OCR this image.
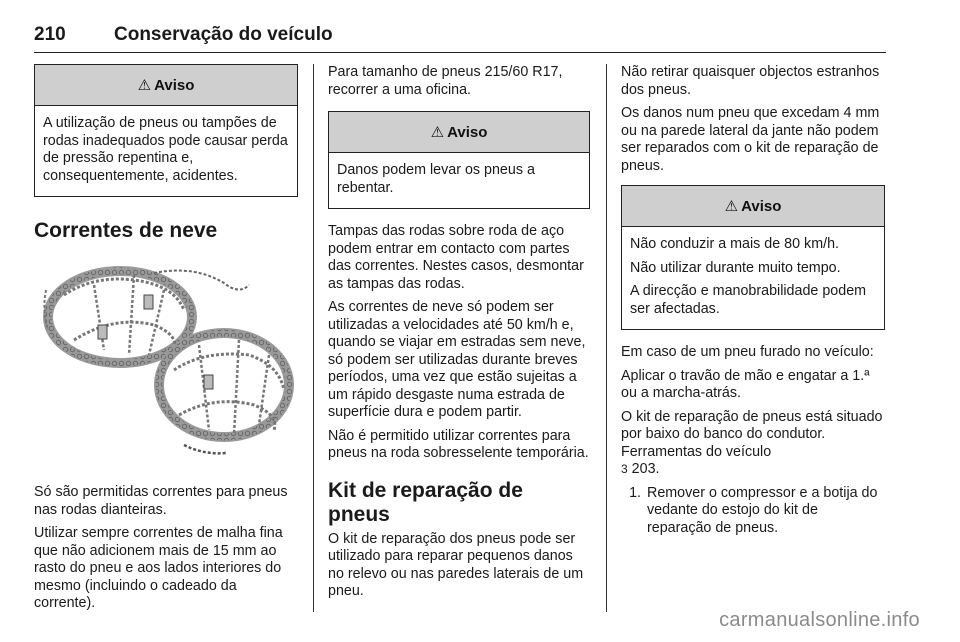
210	Conservação do veículo
⚠ Aviso

A utilização de pneus ou tampões de rodas inadequados pode causar perda de pressão repentina e, consequentemente, acidentes.

Correntes de neve

Só são permitidas correntes para pneus nas rodas dianteiras.

Utilizar sempre correntes de malha fina que não adicionem mais de 15 mm ao rasto do pneu e aos lados interiores do mesmo (incluindo o cadeado da corrente).

Para tamanho de pneus 215/60 R17, recorrer a uma oficina.

⚠ Aviso

Danos podem levar os pneus a rebentar.

Tampas das rodas sobre roda de aço podem entrar em contacto com partes das correntes. Nestes casos, desmontar as tampas das rodas.

As correntes de neve só podem ser utilizadas a velocidades até 50 km/h e, quando se viajar em estradas sem neve, só podem ser utilizadas durante breves períodos, uma vez que estão sujeitas a um rápido desgaste numa estrada de superfície dura e podem partir.

Não é permitido utilizar correntes para pneus na roda sobresselente temporária.

Kit de reparação de pneus

O kit de reparação dos pneus pode ser utilizado para reparar pequenos danos no relevo ou nas paredes laterais de um pneu.

Não retirar quaisquer objectos estranhos dos pneus.

Os danos num pneu que excedam 4 mm ou na parede lateral da jante não podem ser reparados com o kit de reparação de pneus.

⚠ Aviso

Não conduzir a mais de 80 km/h.

Não utilizar durante muito tempo.

A direcção e manobrabilidade podem ser afectadas.

Em caso de um pneu furado no veículo:

Aplicar o travão de mão e engatar a 1.ª ou a marcha-atrás.

O kit de reparação de pneus está situado por baixo do banco do condutor. Ferramentas do veículo
3 203.

1. Remover o compressor e a botija do vedante do estojo do kit de reparação de pneus.
carmanualsonline.info
